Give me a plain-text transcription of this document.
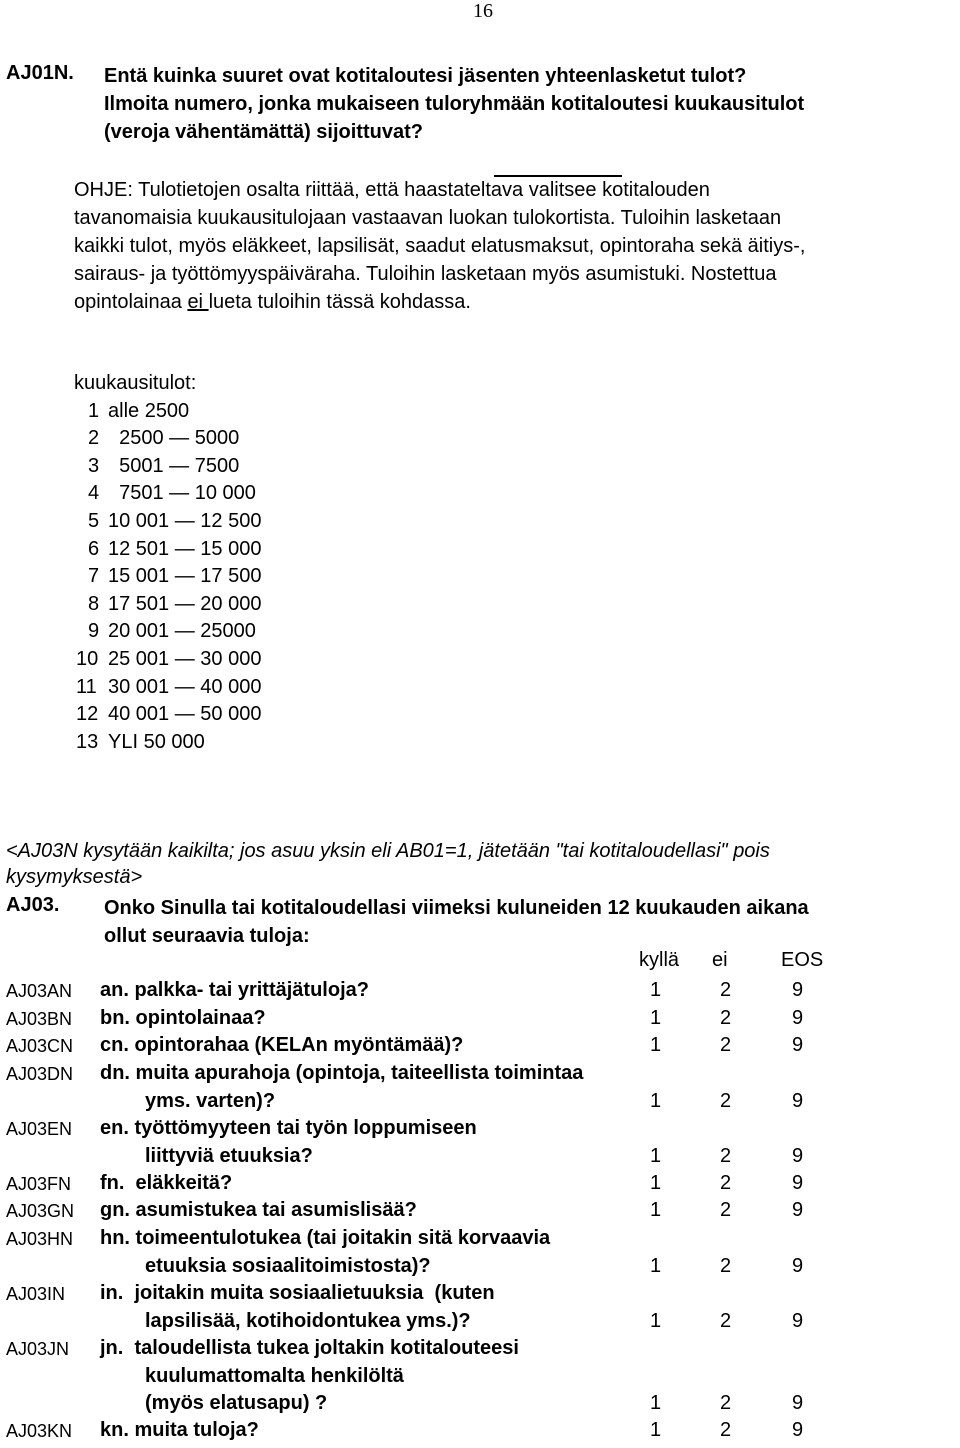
16
AJ01N. Entä kuinka suuret ovat kotitaloutesi jäsenten yhteenlasketut tulot?
Ilmoita numero, jonka mukaiseen tuloryhmään kotitaloutesi kuukausitulot
(veroja vähentämättä) sijoittuvat?
OHJE: Tulotietojen osalta riittää, että haastateltava valitsee kotitalouden
tavanomaisia kuukausitulojaan vastaavan luokan tulokortista. Tuloihin lasketaan
kaikki tulot, myös eläkkeet, lapsilisät, saadut elatusmaksut, opintoraha sekä äitiys-,
sairaus- ja työttömyyspäiväraha. Tuloihin lasketaan myös asumistuki. Nostettua
opintolainaa ei lueta tuloihin tässä kohdassa.
kuukausitulot:
1 alle 2500
2  2500 — 5000
3  5001 — 7500
4  7501 — 10 000
5 10 001 — 12 500
6 12 501 — 15 000
7 15 001 — 17 500
8 17 501 — 20 000
9 20 001 — 25000
10 25 001 — 30 000
11 30 001 — 40 000
12 40 001 — 50 000
13 YLI 50 000
<AJ03N kysytään kaikilta; jos asuu yksin eli AB01=1, jätetään "tai kotitaloudellasi" pois
kysymyksestä>
AJ03. Onko Sinulla tai kotitaloudellasi viimeksi kuluneiden 12 kuukauden aikana
ollut seuraavia tuloja:
kyllä ei	EOS
AJ03AN an. palkka- tai yrittäjätuloja?	1	2	9
AJ03BN bn. opintolainaa?	1	2	9
AJ03CN cn. opintorahaa (KELAn myöntämää)?	1	2	9
AJ03DN dn. muita apurahoja (opintoja, taiteellista toimintaa
yms. varten)?	1	2	9
AJ03EN en. työttömyyteen tai työn loppumiseen
liittyviä etuuksia?	1	2	9
AJ03FN fn.  eläkkeitä?	1	2	9
AJ03GN gn. asumistukea tai asumislisää?	1	2	9
AJ03HN hn. toimeentulotukea (tai joitakin sitä korvaavia
etuuksia sosiaalitoimistosta)?	1	2	9
AJ03IN in.  joitakin muita sosiaalietuuksia  (kuten
lapsilisää, kotihoidontukea yms.)?	1	2	9
AJ03JN jn.  taloudellista tukea joltakin kotitalouteesi
kuulumattomalta henkilöltä
(myös elatusapu) ?	1	2	9
AJ03KN kn. muita tuloja?	1	2	9
